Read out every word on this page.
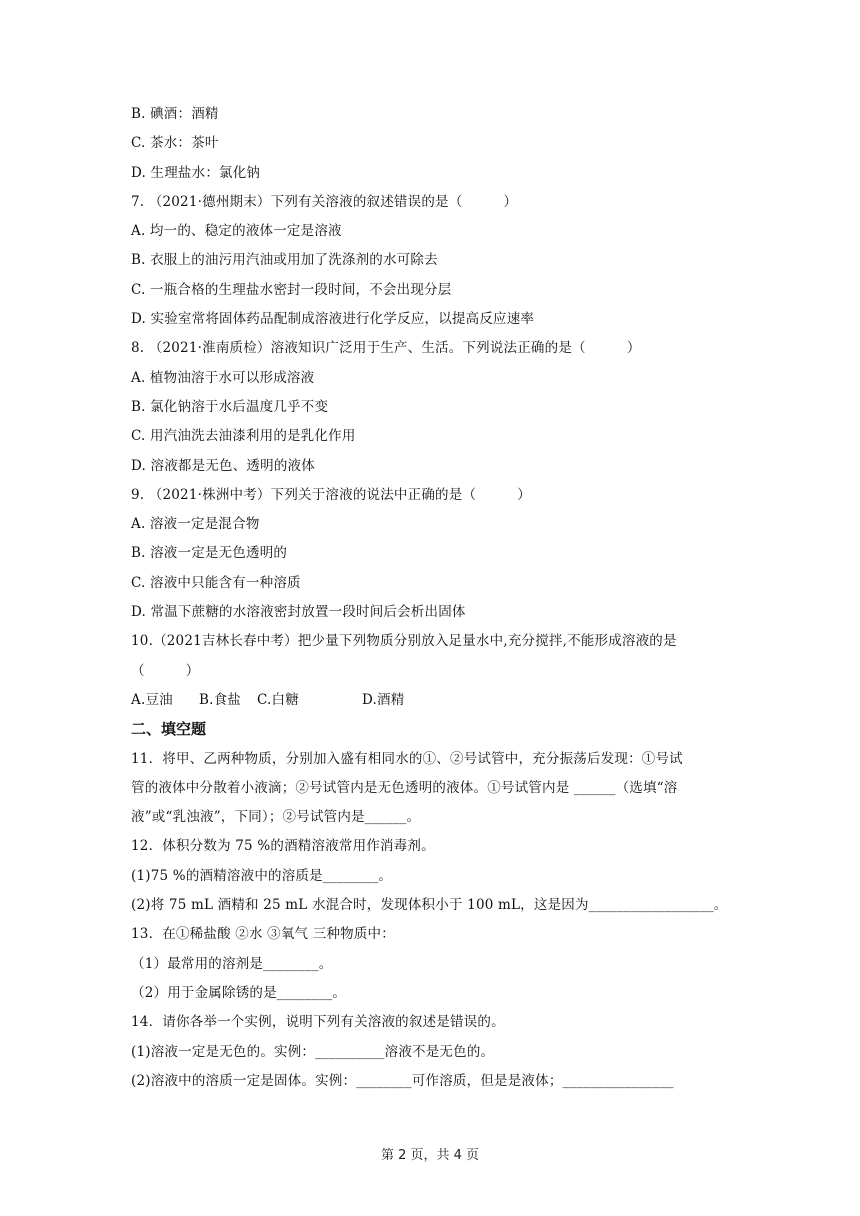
B. 碘酒：酒精
C. 茶水：茶叶
D. 生理盐水：氯化钠
7. （2021·德州期末）下列有关溶液的叙述错误的是（　　　）
A. 均一的、稳定的液体一定是溶液
B. 衣服上的油污用汽油或用加了洗涤剂的水可除去
C. 一瓶合格的生理盐水密封一段时间，不会出现分层
D. 实验室常将固体药品配制成溶液进行化学反应，以提高反应速率
8. （2021·淮南质检）溶液知识广泛用于生产、生活。下列说法正确的是（　　　）
A. 植物油溶于水可以形成溶液
B. 氯化钠溶于水后温度几乎不变
C. 用汽油洗去油漆利用的是乳化作用
D. 溶液都是无色、透明的液体
9. （2021·株洲中考）下列关于溶液的说法中正确的是（　　　）
A. 溶液一定是混合物
B. 溶液一定是无色透明的
C. 溶液中只能含有一种溶质
D. 常温下蔗糖的水溶液密封放置一段时间后会析出固体
10.（2021吉林长春中考）把少量下列物质分别放入足量水中,充分搅拌,不能形成溶液的是
（　　　）
A.豆油 B.食盐 C.白糖	D.酒精
二、填空题
11．将甲、乙两种物质，分别加入盛有相同水的①、②号试管中，充分振荡后发现：①号试
管的液体中分散着小液滴；②号试管内是无色透明的液体。①号试管内是 ______（选填“溶
液”或“乳浊液”，下同）；②号试管内是______。
12．体积分数为 75 %的酒精溶液常用作消毒剂。
(1)75 %的酒精溶液中的溶质是________。
(2)将 75 mL 酒精和 25 mL 水混合时，发现体积小于 100 mL，这是因为__________________。
13．在①稀盐酸 ②水 ③氧气 三种物质中：
（1）最常用的溶剂是________。
（2）用于金属除锈的是________。
14．请你各举一个实例，说明下列有关溶液的叙述是错误的。
(1)溶液一定是无色的。实例：__________溶液不是无色的。
(2)溶液中的溶质一定是固体。实例：________可作溶质，但是是液体；________________
第 2 页，共 4 页
